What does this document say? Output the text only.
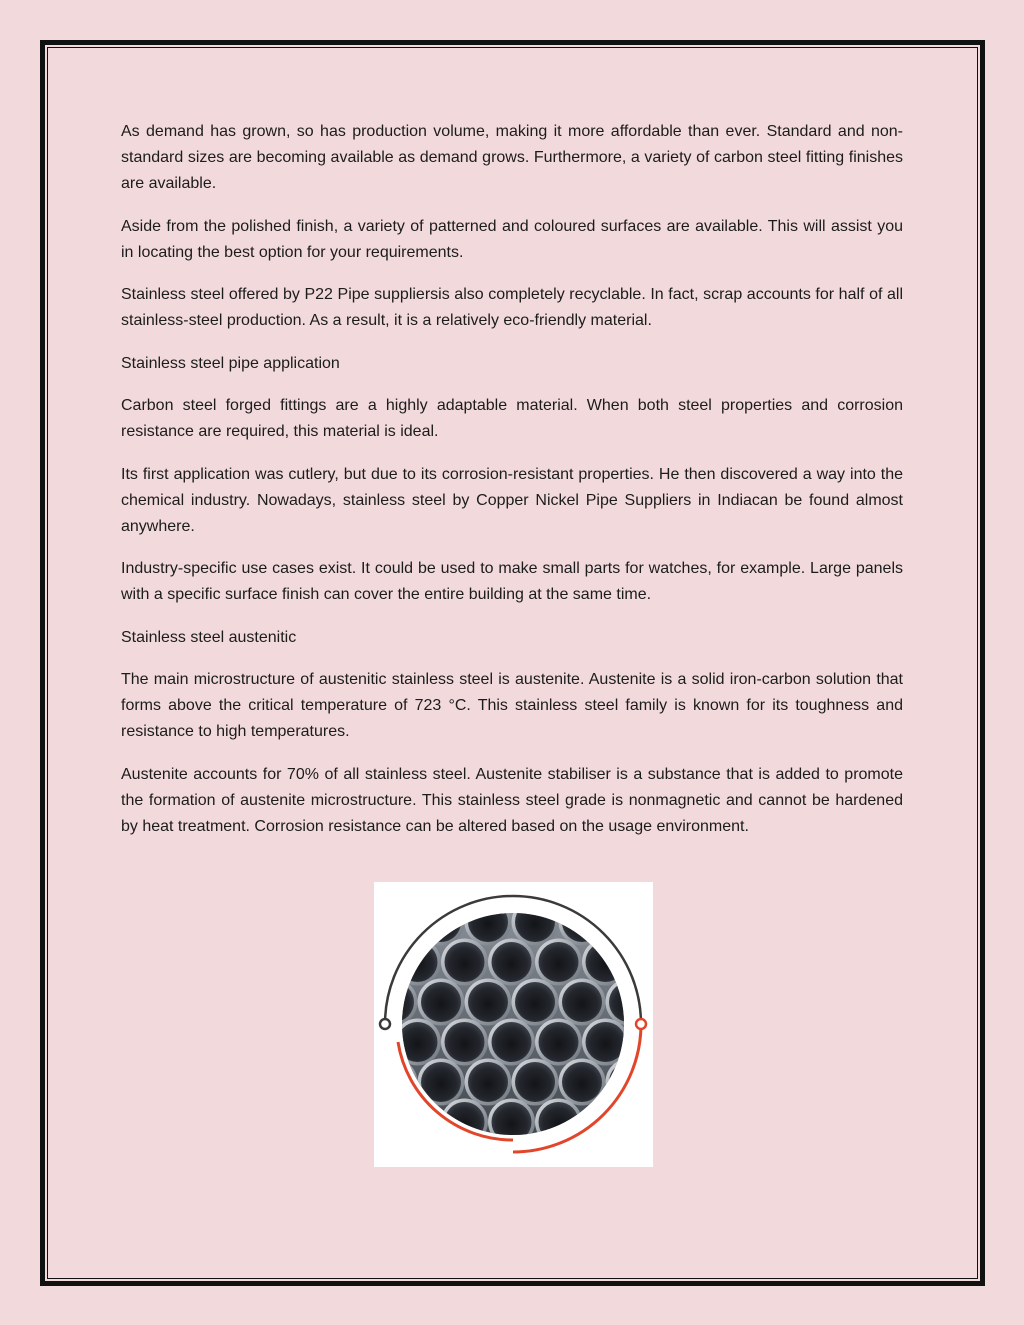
As demand has grown, so has production volume, making it more affordable than ever. Standard and non-standard sizes are becoming available as demand grows. Furthermore, a variety of carbon steel fitting finishes are available.

Aside from the polished finish, a variety of patterned and coloured surfaces are available. This will assist you in locating the best option for your requirements.

Stainless steel offered by P22 Pipe suppliersis also completely recyclable. In fact, scrap accounts for half of all stainless-steel production. As a result, it is a relatively eco-friendly material.

Stainless steel pipe application

Carbon steel forged fittings are a highly adaptable material. When both steel properties and corrosion resistance are required, this material is ideal.

Its first application was cutlery, but due to its corrosion-resistant properties. He then discovered a way into the chemical industry. Nowadays, stainless steel by Copper Nickel Pipe Suppliers in Indiacan be found almost anywhere.

Industry-specific use cases exist. It could be used to make small parts for watches, for example. Large panels with a specific surface finish can cover the entire building at the same time.

Stainless steel austenitic

The main microstructure of austenitic stainless steel is austenite. Austenite is a solid iron-carbon solution that forms above the critical temperature of 723 °C. This stainless steel family is known for its toughness and resistance to high temperatures.

Austenite accounts for 70% of all stainless steel. Austenite stabiliser is a substance that is added to promote the formation of austenite microstructure. This stainless steel grade is nonmagnetic and cannot be hardened by heat treatment. Corrosion resistance can be altered based on the usage environment.
